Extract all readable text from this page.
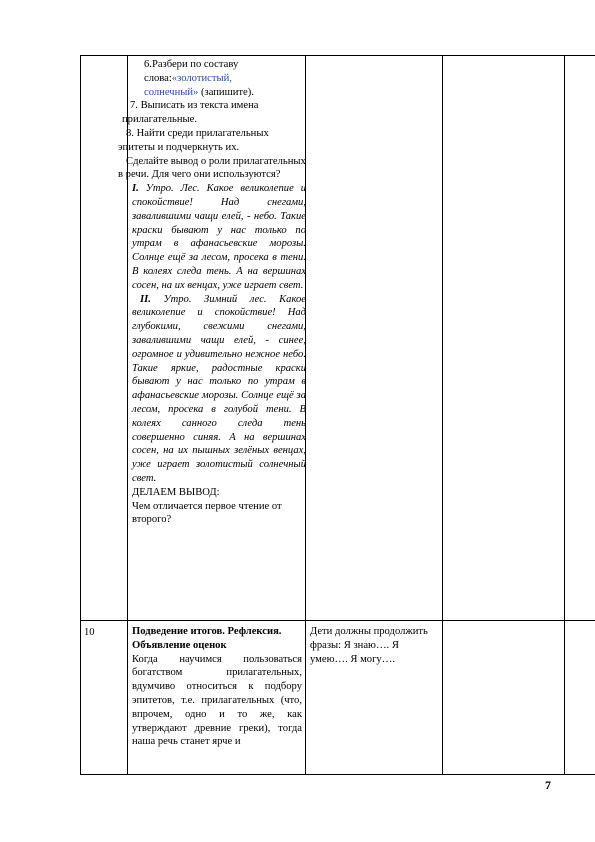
6.Разбери по составу
слова:«золотистый,
солнечный» (запишите).

7. Выписать из текста имена прилагательные.

8. Найти среди прилагательных эпитеты и подчеркнуть их.

Сделайте вывод о роли прилагательных в речи. Для чего они используются?

I. Утро. Лес. Какое великолепие и спокойствие! Над снегами, завалившими чащи елей, - небо. Такие краски бывают у нас только по утрам в афанасьевские морозы. Солнце ещё за лесом, просека в тени. В колеях следа тень. А на вершинах сосен, на их венцах, уже играет свет.

II. Утро. Зимний лес. Какое великолепие и спокойствие! Над глубокими, свежими снегами, завалившими чащи елей, - синее, огромное и удивительно нежное небо. Такие яркие, радостные краски бывают у нас только по утрам в афанасьевские морозы. Солнце ещё за лесом, просека в голубой тени. В колеях санного следа тень совершенно синяя. А на вершинах сосен, на их пышных зелёных венцах, уже играет золотистый солнечный свет.

ДЕЛАЕМ ВЫВОД:

Чем отличается первое чтение от второго?

10	Подведение итогов. Рефлексия. Объявление оценок

Когда научимся пользоваться богатством прилагательных, вдумчиво относиться к подбору эпитетов, т.е. прилагательных (что, впрочем, одно и то же, как утверждают древние греки), тогда наша речь станет ярче и

Дети должны продолжить фразы: Я знаю…. Я умею…. Я могу….

7
